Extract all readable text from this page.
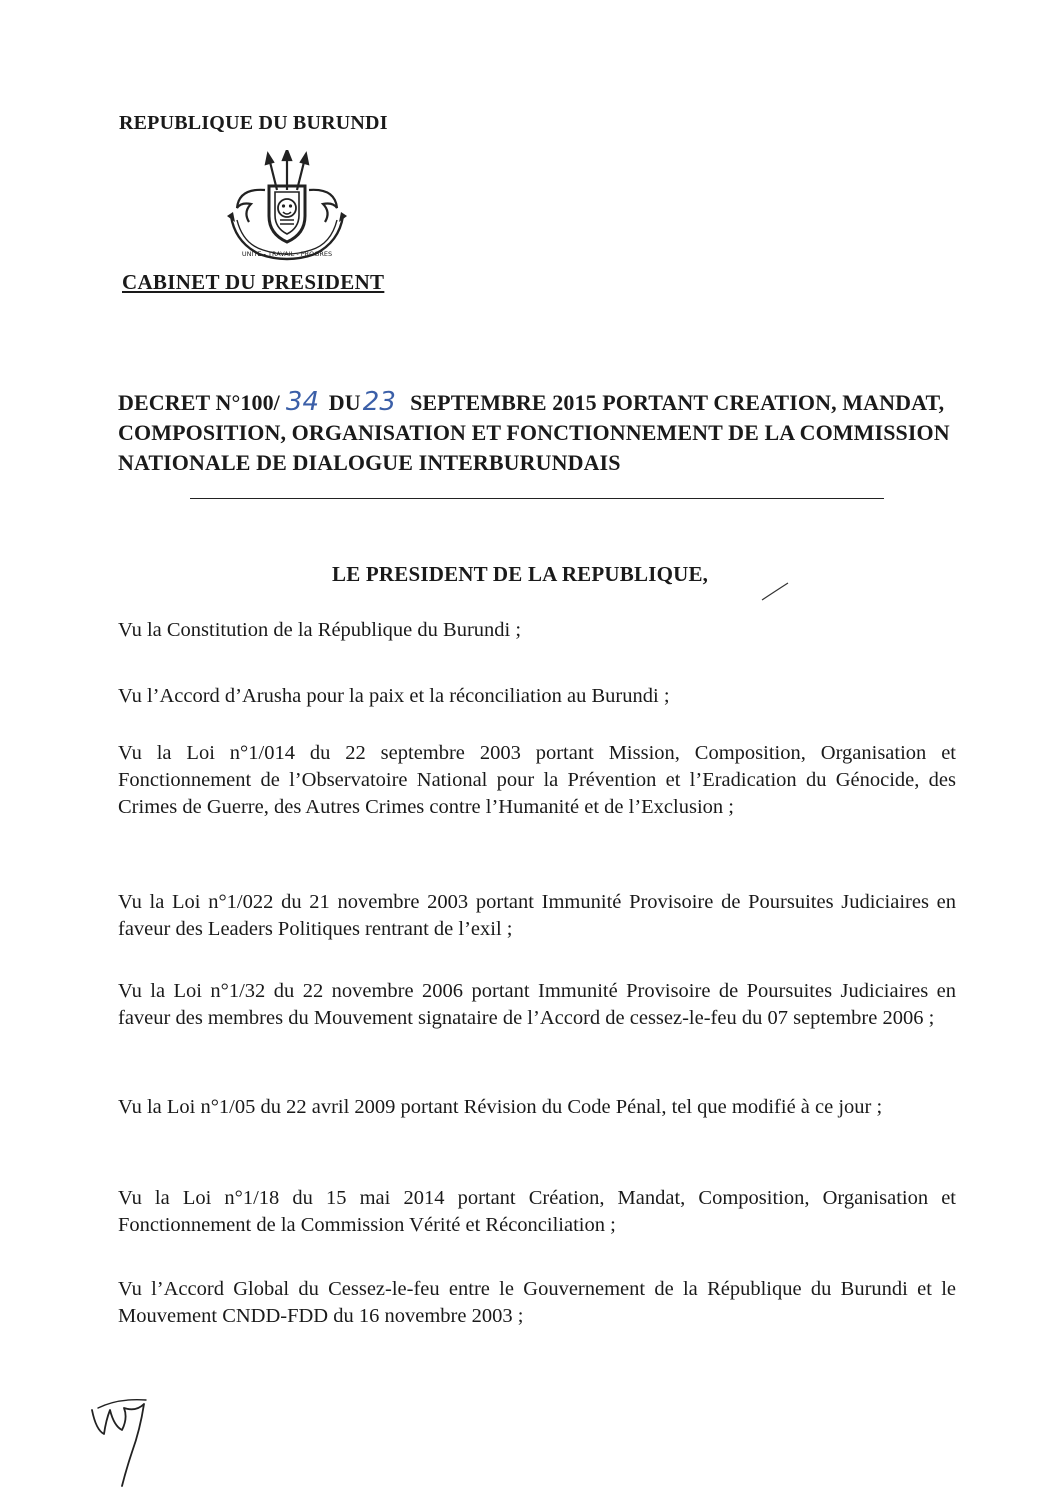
REPUBLIQUE DU BURUNDI
UNITE - TRAVAIL - PROGRES
CABINET DU PRESIDENT
DECRET N°100/ 34 DU23 SEPTEMBRE 2015 PORTANT CREATION, MANDAT, COMPOSITION, ORGANISATION ET FONCTIONNEMENT DE LA COMMISSION NATIONALE DE DIALOGUE INTERBURUNDAIS
LE PRESIDENT DE LA REPUBLIQUE,
Vu la Constitution de la République du Burundi ;
Vu l’Accord d’Arusha pour la paix et la réconciliation au Burundi ;
Vu la Loi n°1/014 du 22 septembre 2003 portant Mission, Composition, Organisation et Fonctionnement de l’Observatoire National pour la Prévention et l’Eradication du Génocide, des Crimes de Guerre, des Autres Crimes contre l’Humanité et de l’Exclusion ;
Vu la Loi n°1/022 du 21 novembre 2003 portant Immunité Provisoire de Poursuites Judiciaires en faveur des Leaders Politiques rentrant de l’exil ;
Vu la Loi n°1/32 du 22 novembre 2006 portant Immunité Provisoire de Poursuites Judiciaires en faveur des membres du Mouvement signataire de l’Accord de cessez-le-feu du 07 septembre 2006 ;
Vu la Loi n°1/05 du 22 avril 2009 portant Révision du Code Pénal, tel que modifié à ce jour ;
Vu la Loi n°1/18 du 15 mai 2014 portant Création, Mandat, Composition, Organisation et Fonctionnement de la Commission Vérité et Réconciliation ;
Vu l’Accord Global du Cessez-le-feu entre le Gouvernement de la République du Burundi et le Mouvement CNDD-FDD du 16 novembre 2003 ;
